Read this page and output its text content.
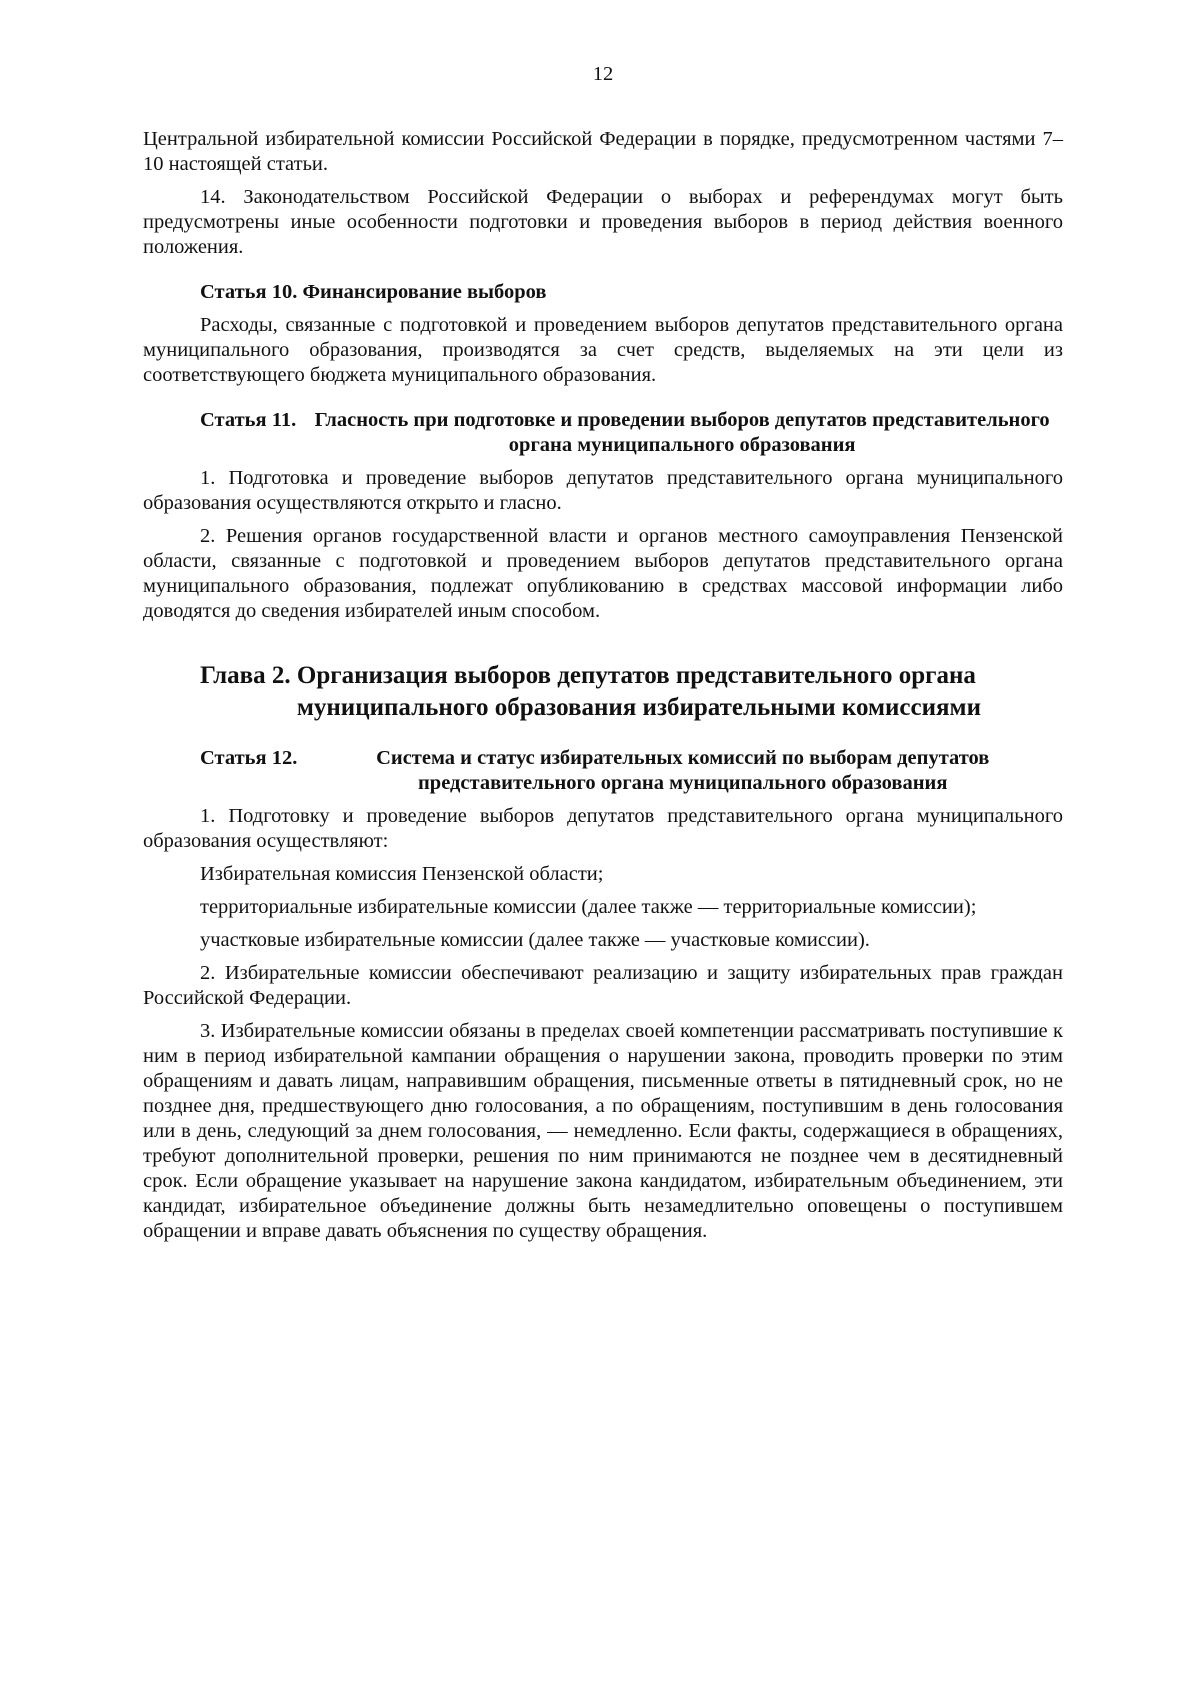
12

Центральной избирательной комиссии Российской Федерации в порядке, предусмотренном частями 7–10 настоящей статьи.

14. Законодательством Российской Федерации о выборах и референдумах могут быть предусмотрены иные особенности подготовки и проведения выборов в период действия военного положения.

Статья 10. Финансирование выборов

Расходы, связанные с подготовкой и проведением выборов депутатов представительного органа муниципального образования, производятся за счет средств, выделяемых на эти цели из соответствующего бюджета муниципального образования.

Статья 11. Гласность при подготовке и проведении выборов депутатов представительного органа муниципального образования

1. Подготовка и проведение выборов депутатов представительного органа муниципального образования осуществляются открыто и гласно.

2. Решения органов государственной власти и органов местного самоуправления Пензенской области, связанные с подготовкой и проведением выборов депутатов представительного органа муниципального образования, подлежат опубликованию в средствах массовой информации либо доводятся до сведения избирателей иным способом.

Глава 2. Организация выборов депутатов представительного органа муниципального образования избирательными комиссиями
Статья 12.	Система и статус избирательных комиссий по выборам депутатов представительного органа муниципального образования

1. Подготовку и проведение выборов депутатов представительного органа муниципального образования осуществляют:

Избирательная комиссия Пензенской области;

территориальные избирательные комиссии (далее также — территориальные комиссии);

участковые избирательные комиссии (далее также — участковые комиссии).

2. Избирательные комиссии обеспечивают реализацию и защиту избирательных прав граждан Российской Федерации.

3. Избирательные комиссии обязаны в пределах своей компетенции рассматривать поступившие к ним в период избирательной кампании обращения о нарушении закона, проводить проверки по этим обращениям и давать лицам, направившим обращения, письменные ответы в пятидневный срок, но не позднее дня, предшествующего дню голосования, а по обращениям, поступившим в день голосования или в день, следующий за днем голосования, — немедленно. Если факты, содержащиеся в обращениях, требуют дополнительной проверки, решения по ним принимаются не позднее чем в десятидневный срок. Если обращение указывает на нарушение закона кандидатом, избирательным объединением, эти кандидат, избирательное объединение должны быть незамедлительно оповещены о поступившем обращении и вправе давать объяснения по существу обращения.
